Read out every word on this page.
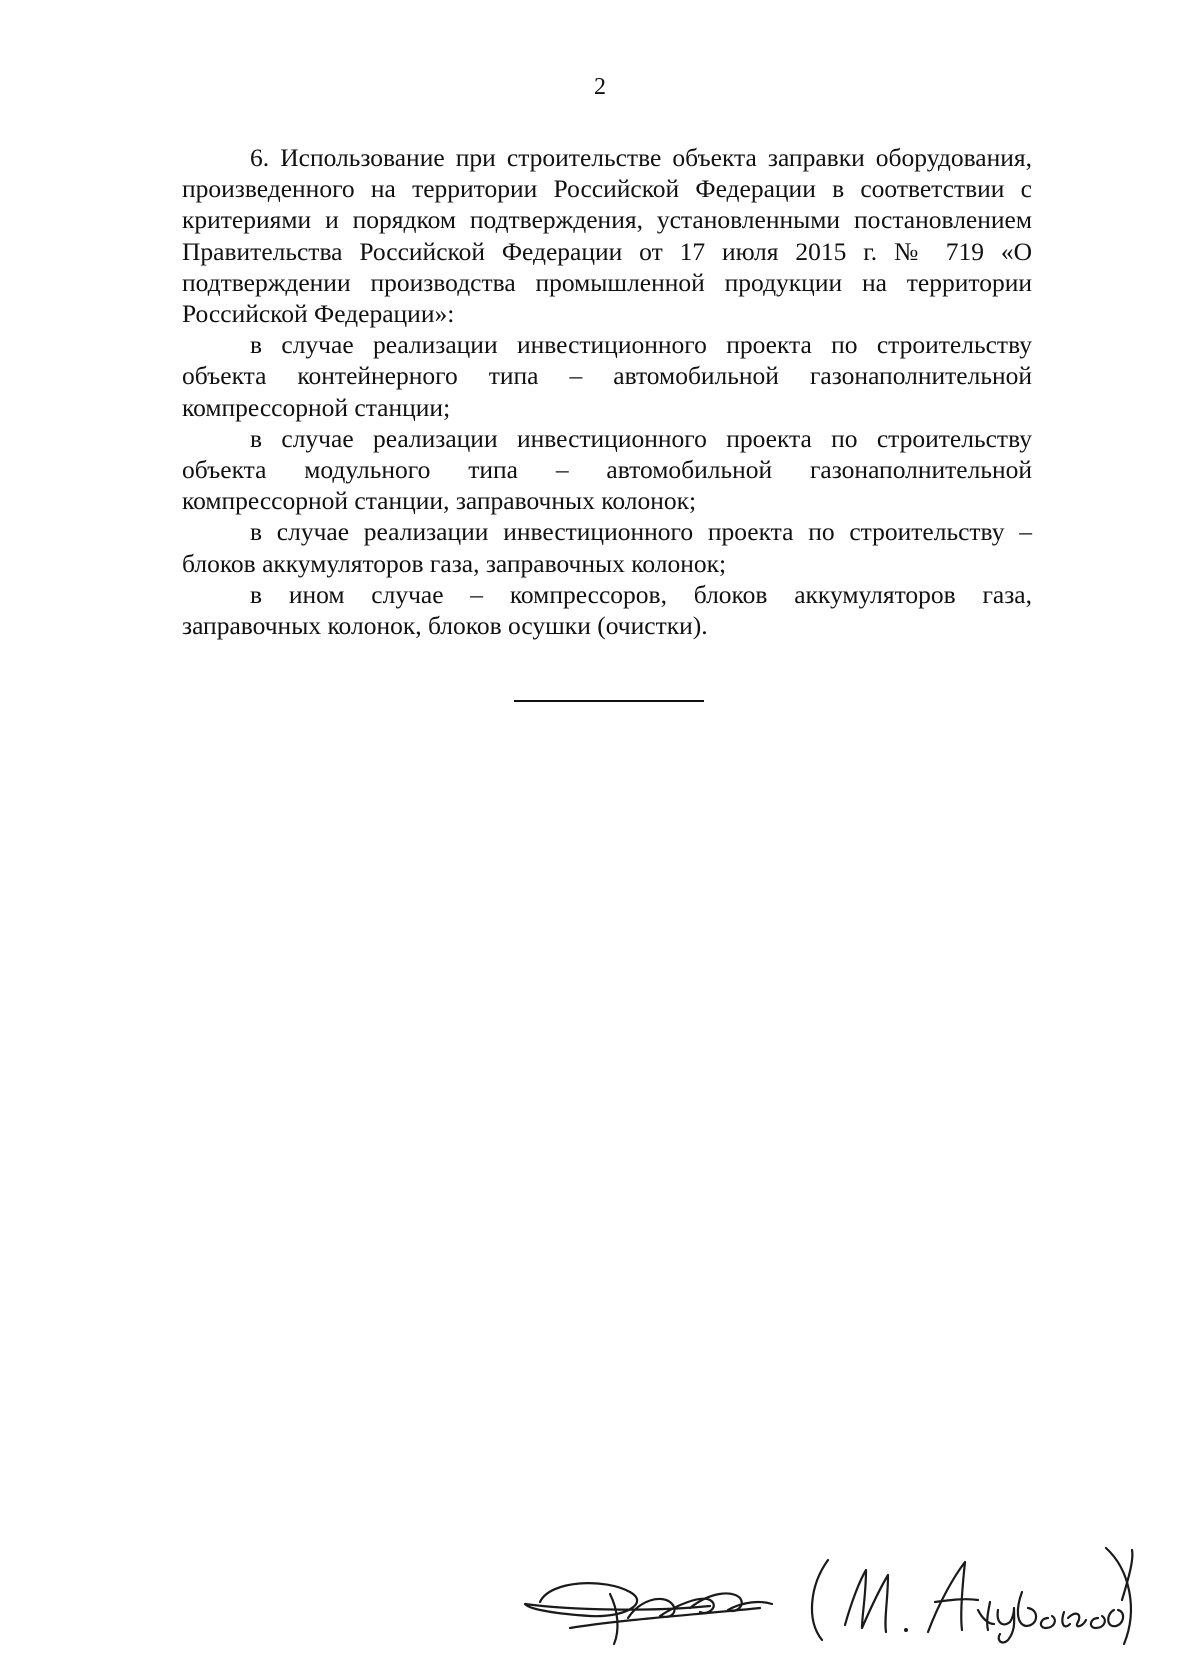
2

6. Использование при строительстве объекта заправки оборудования, произведенного на территории Российской Федерации в соответствии с критериями и порядком подтверждения, установленными постановлением Правительства Российской Федерации от 17 июля 2015 г. № 719 «О подтверждении производства промышленной продукции на территории Российской Федерации»:

в случае реализации инвестиционного проекта по строительству объекта контейнерного типа – автомобильной газонаполнительной компрессорной станции;

в случае реализации инвестиционного проекта по строительству объекта модульного типа – автомобильной газонаполнительной компрессорной станции, заправочных колонок;

в случае реализации инвестиционного проекта по строительству – блоков аккумуляторов газа, заправочных колонок;

в ином случае – компрессоров, блоков аккумуляторов газа, заправочных колонок, блоков осушки (очистки).
